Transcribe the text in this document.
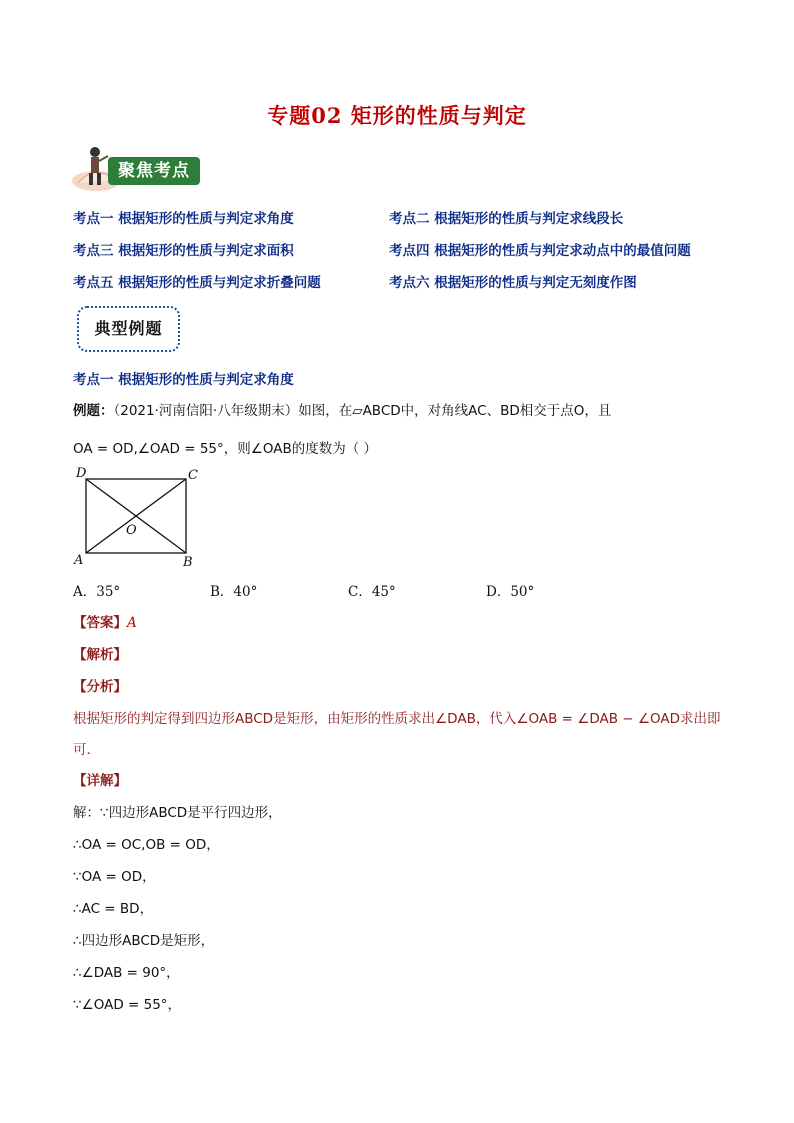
专题02 矩形的性质与判定
聚焦考点
考点一 根据矩形的性质与判定求角度	考点二 根据矩形的性质与判定求线段长
考点三 根据矩形的性质与判定求面积	考点四 根据矩形的性质与判定求动点中的最值问题
考点五 根据矩形的性质与判定求折叠问题	考点六 根据矩形的性质与判定无刻度作图
典型例题
考点一 根据矩形的性质与判定求角度
例题：（2021·河南信阳·八年级期末）如图，在▱ABCD中，对角线AC、BD相交于点O，且
OA = OD,∠OAD = 55°，则∠OAB的度数为（ ）
D	C
A	B
O
A．35°	B．40°	C．45°	D．50°
【答案】A
【解析】
【分析】
根据矩形的判定得到四边形ABCD是矩形，由矩形的性质求出∠DAB，代入∠OAB = ∠DAB − ∠OAD求出即
可．
【详解】
解：∵四边形ABCD是平行四边形，
∴OA = OC,OB = OD，
∵OA = OD，
∴AC = BD，
∴四边形ABCD是矩形，
∴∠DAB = 90°，
∵∠OAD = 55°，
